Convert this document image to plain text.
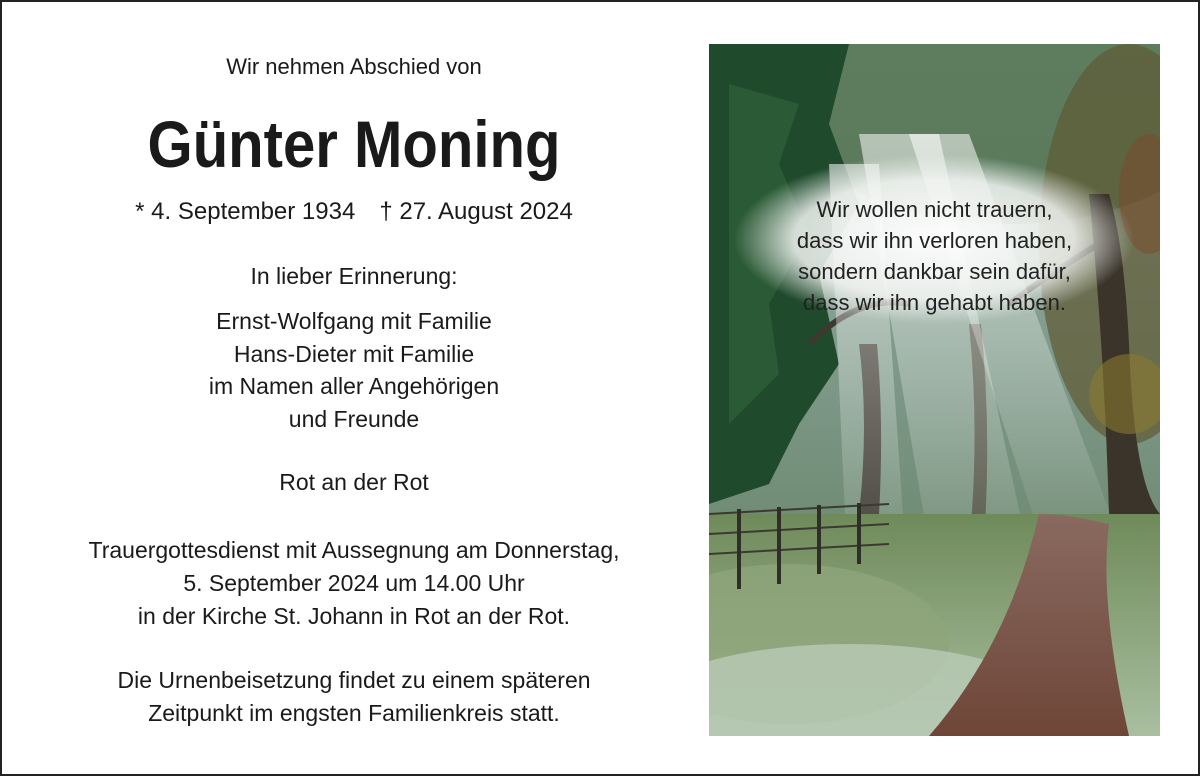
Wir nehmen Abschied von

Günter Moning

* 4. September 1934 † 27. August 2024

In lieber Erinnerung:

Ernst-Wolfgang mit Familie
Hans-Dieter mit Familie
im Namen aller Angehörigen
und Freunde

Rot an der Rot

Trauergottesdienst mit Aussegnung am Donnerstag,
5. September 2024 um 14.00 Uhr
in der Kirche St. Johann in Rot an der Rot.
Die Urnenbeisetzung findet zu einem späteren
Zeitpunkt im engsten Familienkreis statt.
Wir wollen nicht trauern,
dass wir ihn verloren haben,
sondern dankbar sein dafür,
dass wir ihn gehabt haben.
